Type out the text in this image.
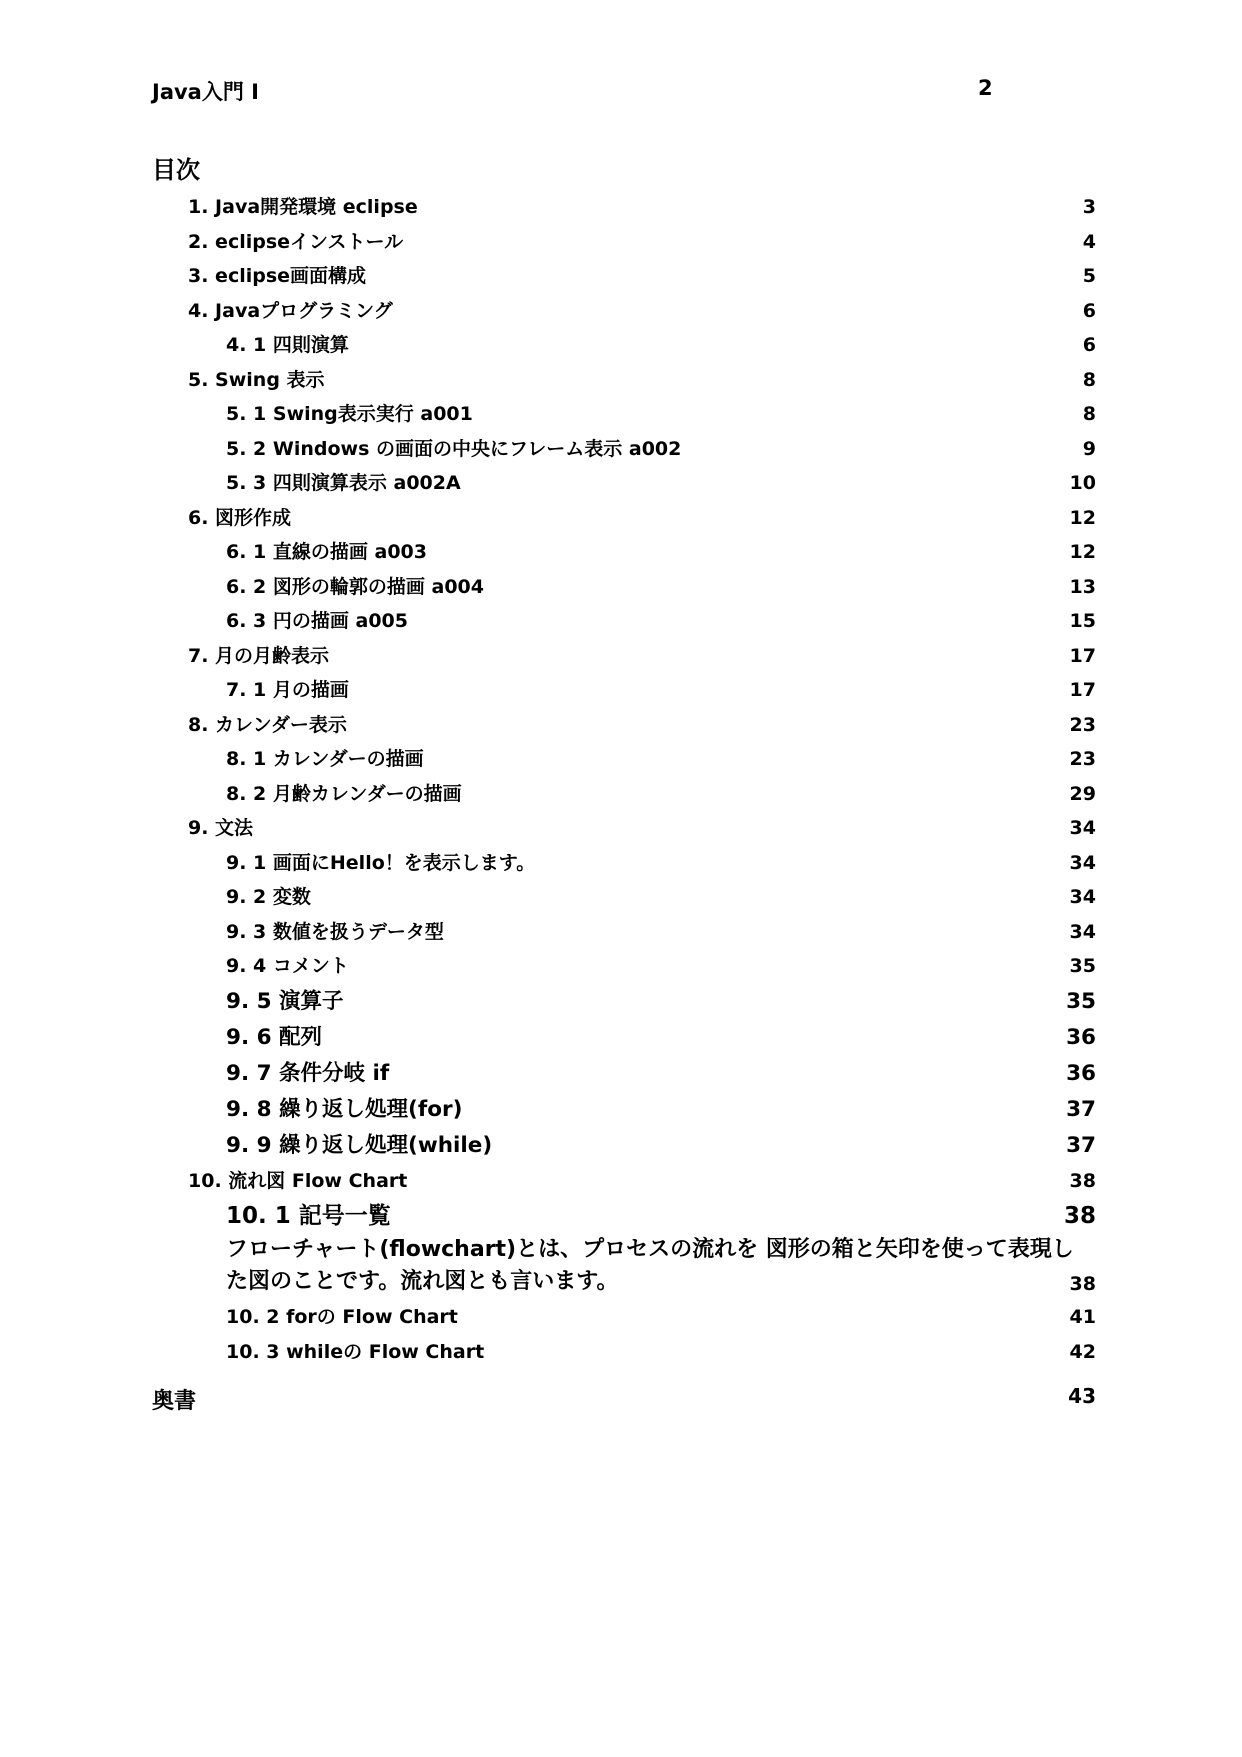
Java入門 Ⅰ	2
目次
1. Java開発環境 eclipse	3
2. eclipseインストール	4
3. eclipse画面構成	5
4. Javaプログラミング	6
4. 1 四則演算	6
5. Swing 表示	8
5. 1 Swing表示実行 a001	8
5. 2 Windows の画面の中央にフレーム表示 a002	9
5. 3 四則演算表示 a002A	10
6. 図形作成	12
6. 1 直線の描画 a003	12
6. 2 図形の輪郭の描画 a004	13
6. 3 円の描画 a005	15
7. 月の月齢表示	17
7. 1 月の描画	17
8. カレンダー表示	23
8. 1 カレンダーの描画	23
8. 2 月齢カレンダーの描画	29
9. 文法	34
9. 1 画面にHello！を表示します。	34
9. 2 変数	34
9. 3 数値を扱うデータ型	34
9. 4 コメント	35
9. 5 演算子	35
9. 6 配列	36
9. 7 条件分岐 if	36
9. 8 繰り返し処理(for)	37
9. 9 繰り返し処理(while)	37
10. 流れ図 Flow Chart	38
10. 1 記号一覧	38
フローチャート(flowchart)とは、プロセスの流れを 図形の箱と矢印を使って表現した図のことです。流れ図とも言います。	38
10. 2 forの Flow Chart	41
10. 3 whileの Flow Chart	42
奥書	43
